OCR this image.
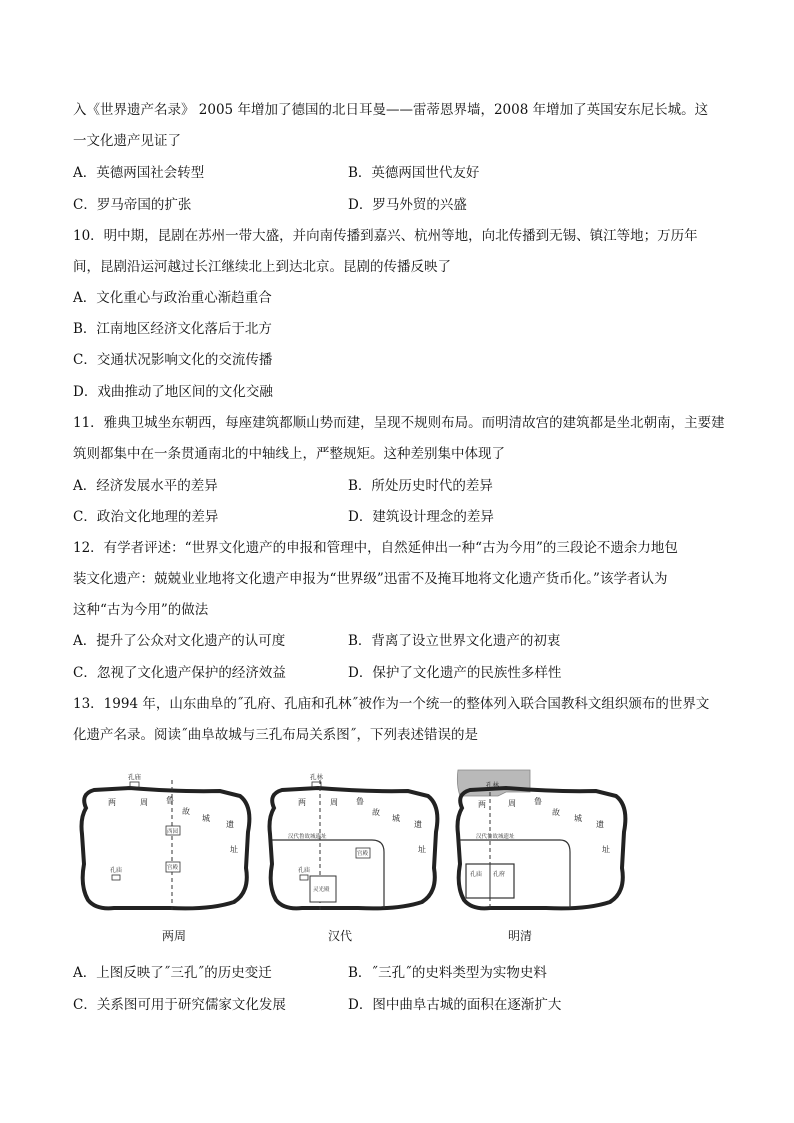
入《世界遗产名录》 2005 年增加了德国的北日耳曼——雷蒂恩界墙，2008 年增加了英国安东尼长城。这
一文化遗产见证了
A．英德两国社会转型	B．英德两国世代友好
C．罗马帝国的扩张	D．罗马外贸的兴盛
10．明中期，昆剧在苏州一带大盛，并向南传播到嘉兴、杭州等地，向北传播到无锡、镇江等地；万历年
间，昆剧沿运河越过长江继续北上到达北京。昆剧的传播反映了
A．文化重心与政治重心渐趋重合
B．江南地区经济文化落后于北方
C．交通状况影响文化的交流传播
D．戏曲推动了地区间的文化交融
11．雅典卫城坐东朝西，每座建筑都顺山势而建，呈现不规则布局。而明清故宫的建筑都是坐北朝南，主要建
筑则都集中在一条贯通南北的中轴线上，严整规矩。这种差别集中体现了
A．经济发展水平的差异	B．所处历史时代的差异
C．政治文化地理的差异	D．建筑设计理念的差异
12．有学者评述：“世界文化遗产的申报和管理中，自然延伸出一种“古为今用”的三段论不遗余力地包
装文化遗产：兢兢业业地将文化遗产申报为“世界级”迅雷不及掩耳地将文化遗产货币化。”该学者认为
这种“古为今用”的做法
A．提升了公众对文化遗产的认可度	B．背离了设立世界文化遗产的初衷
C．忽视了文化遗产保护的经济效益	D．保护了文化遗产的民族性多样性
13．1994 年，山东曲阜的˝孔府、孔庙和孔林˝被作为一个统一的整体列入联合国教科文组织颁布的世界文
化遗产名录。阅读˝曲阜故城与三孔布局关系图˝，下列表述错误的是
孔庙
两	周 鲁
故
城
遗
址
西园
宫殿
孔庙
两周
孔林
两	周 鲁
故
城
遗
址
汉代鲁故城遗址
宫殿
孔庙
灵光殿
汉代
孔林
两	周 鲁
故
城
遗
址
汉代鲁故城遗址
孔庙 孔府
明清
A．上图反映了˝三孔˝的历史变迁	B．˝三孔˝的史料类型为实物史料
C．关系图可用于研究儒家文化发展	D．图中曲阜古城的面积在逐渐扩大
